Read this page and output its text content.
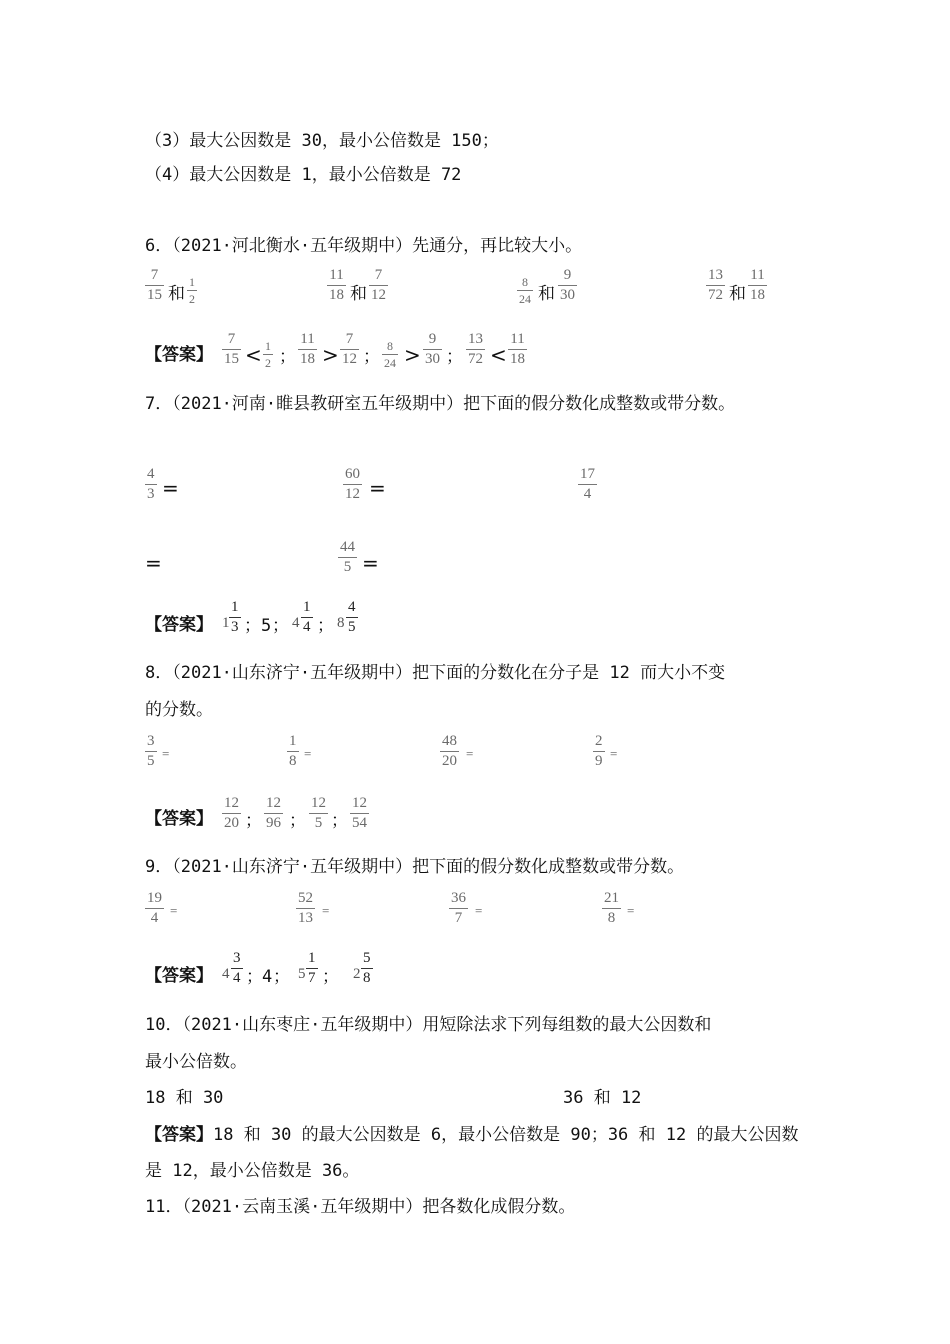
（3）最大公因数是 30，最小公倍数是 150；
（4）最大公因数是 1，最小公倍数是 72
6．（2021·河北衡水·五年级期中）先通分，再比较大小。
7
15 和
1
2
11
18 和
7
12
8
24 和
9
30
13
72 和
11
18
【答案】
7
15 < 1
2 ；
11
18 >
7
12 ；
8
24 >
9
30 ；
13
72 <
11
18
7．（2021·河南·睢县教研室五年级期中）把下面的假分数化成整数或带分数。
4
3 =
60
12 =
17
4
=
44
5 =
【答案】 1
1
3 ； 5 ； 4
1
4 ； 8
4
5
8．（2021·山东济宁·五年级期中）把下面的分数化在分子是 12 而大小不变
的分数。
3
5 =
1
8 =
48
20 =
2
9 =
【答案】
12
20 ；
12
96 ；
12
5 ；
12
54
9．（2021·山东济宁·五年级期中）把下面的假分数化成整数或带分数。
19
4 =
52
13 =
36
7 =
21
8 =
【答案】 4
3
4 ； 4 ； 5
1
7 ； 2
5
8
10．（2021·山东枣庄·五年级期中）用短除法求下列每组数的最大公因数和
最小公倍数。
18 和 30	36 和 12
【答案】18 和 30 的最大公因数是 6，最小公倍数是 90；36 和 12 的最大公因数
是 12，最小公倍数是 36。
11．（2021·云南玉溪·五年级期中）把各数化成假分数。
